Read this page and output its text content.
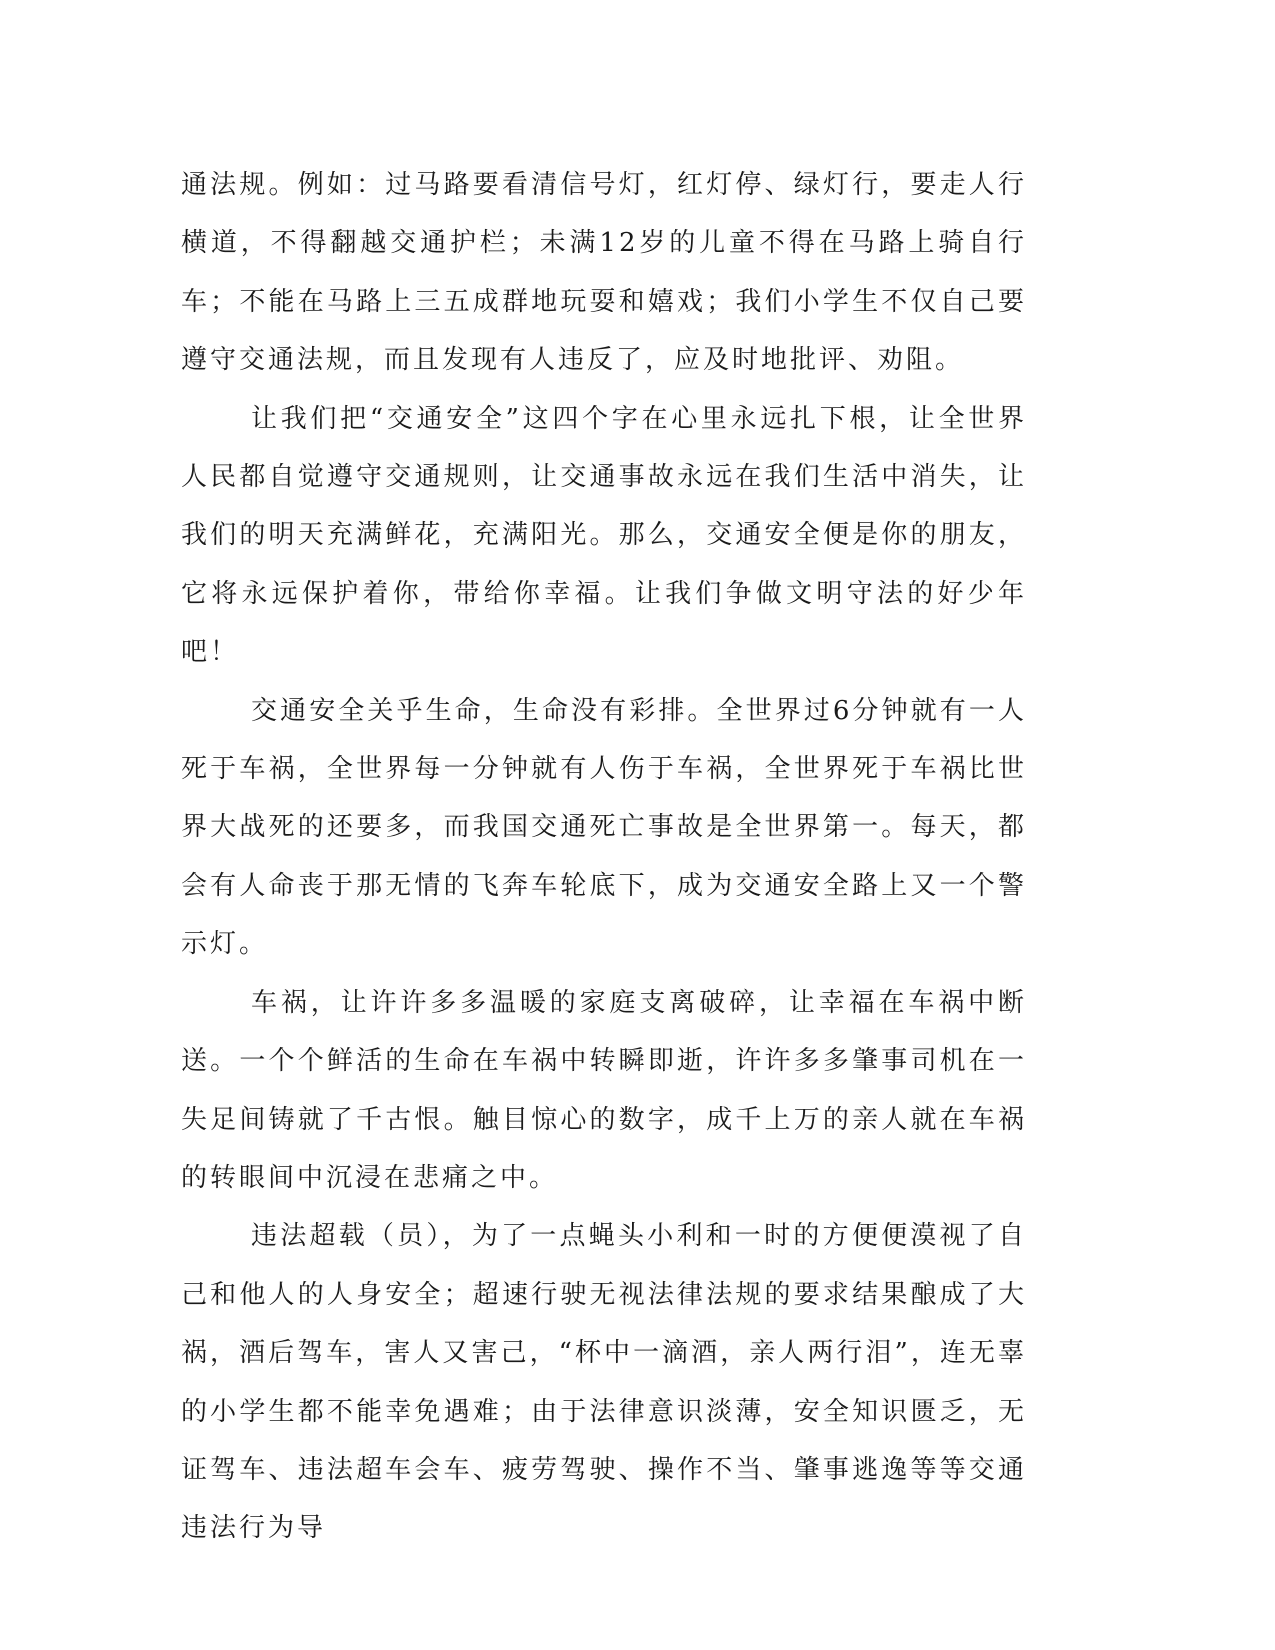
通法规。例如：过马路要看清信号灯，红灯停、绿灯行，要走人行横道，不得翻越交通护栏；未满12岁的儿童不得在马路上骑自行车；不能在马路上三五成群地玩耍和嬉戏；我们小学生不仅自己要遵守交通法规，而且发现有人违反了，应及时地批评、劝阻。

让我们把“交通安全”这四个字在心里永远扎下根，让全世界人民都自觉遵守交通规则，让交通事故永远在我们生活中消失，让我们的明天充满鲜花，充满阳光。那么，交通安全便是你的朋友，它将永远保护着你，带给你幸福。让我们争做文明守法的好少年吧！

交通安全关乎生命，生命没有彩排。全世界过6分钟就有一人死于车祸，全世界每一分钟就有人伤于车祸，全世界死于车祸比世界大战死的还要多，而我国交通死亡事故是全世界第一。每天，都会有人命丧于那无情的飞奔车轮底下，成为交通安全路上又一个警示灯。

车祸，让许许多多温暖的家庭支离破碎，让幸福在车祸中断送。一个个鲜活的生命在车祸中转瞬即逝，许许多多肇事司机在一失足间铸就了千古恨。触目惊心的数字，成千上万的亲人就在车祸的转眼间中沉浸在悲痛之中。

违法超载（员），为了一点蝇头小利和一时的方便便漠视了自己和他人的人身安全；超速行驶无视法律法规的要求结果酿成了大祸，酒后驾车，害人又害己，“杯中一滴酒，亲人两行泪”，连无辜的小学生都不能幸免遇难；由于法律意识淡薄，安全知识匮乏，无证驾车、违法超车会车、疲劳驾驶、操作不当、肇事逃逸等等交通违法行为导
